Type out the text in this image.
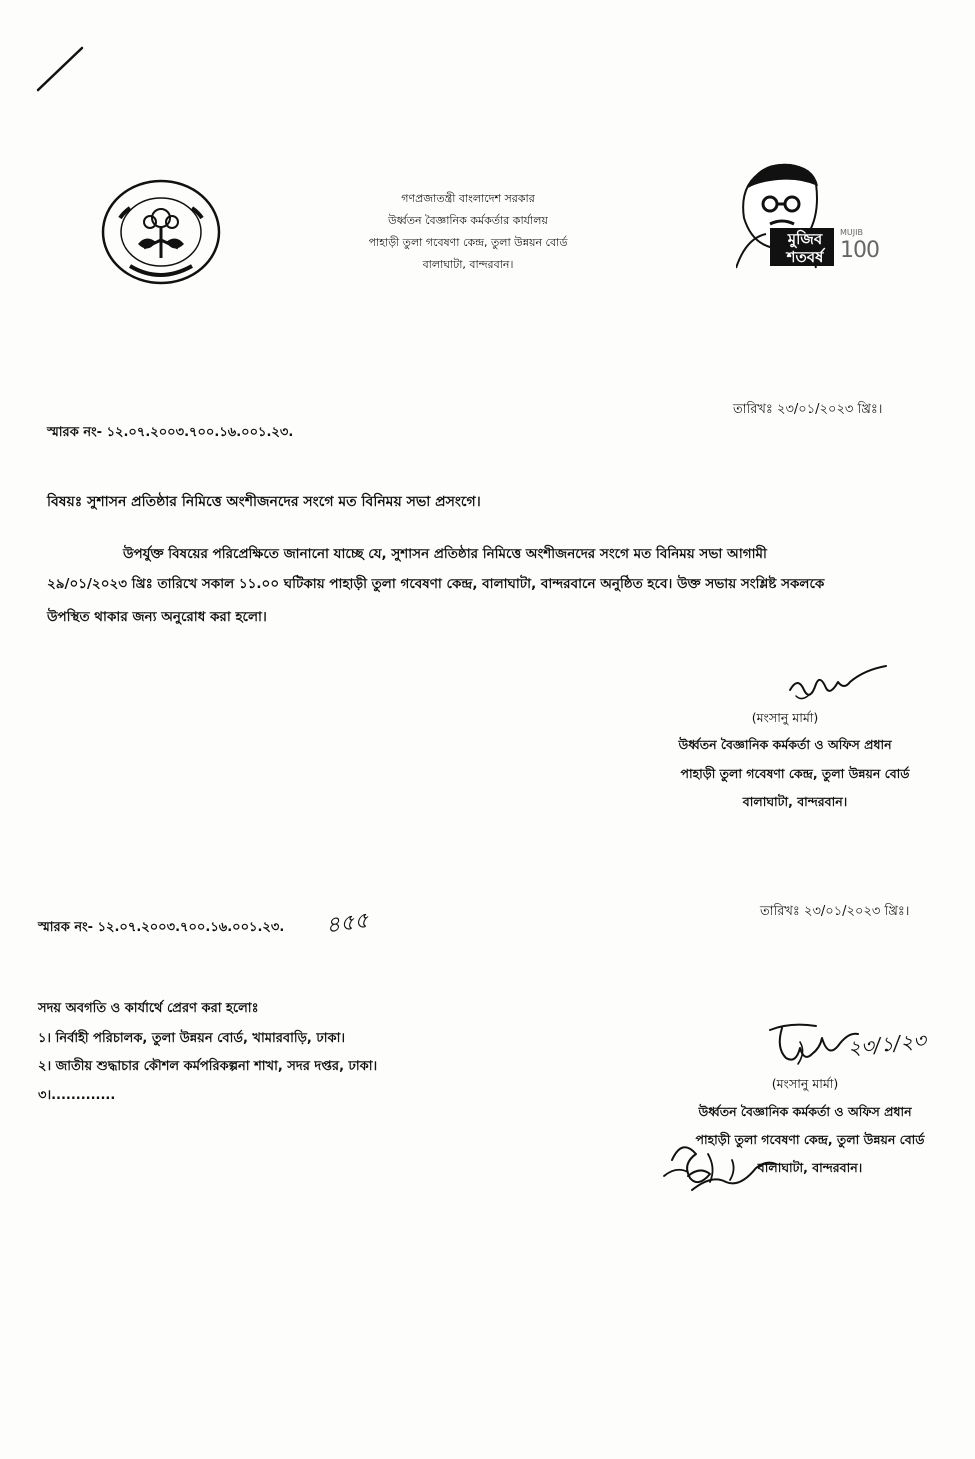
গণপ্রজাতন্ত্রী বাংলাদেশ সরকার
উর্ধ্বতন বৈজ্ঞানিক কর্মকর্তার কার্যালয়
পাহাড়ী তুলা গবেষণা কেন্দ্র, তুলা উন্নয়ন বোর্ড
বালাঘাটা, বান্দরবান।
মুজিব শতবর্ষ
MUJIB
100
তারিখঃ ২৩/০১/২০২৩ খ্রিঃ।
স্মারক নং- ১২.০৭.২০০৩.৭০০.১৬.০০১.২৩.
বিষয়ঃ সুশাসন প্রতিষ্ঠার নিমিত্তে অংশীজনদের সংগে মত বিনিময় সভা প্রসংগে।
উপর্যুক্ত বিষয়ের পরিপ্রেক্ষিতে জানানো যাচ্ছে যে, সুশাসন প্রতিষ্ঠার নিমিত্তে অংশীজনদের সংগে মত বিনিময় সভা আগামী
২৯/০১/২০২৩ খ্রিঃ তারিখে সকাল ১১.০০ ঘটিকায় পাহাড়ী তুলা গবেষণা কেন্দ্র, বালাঘাটা, বান্দরবানে অনুষ্ঠিত হবে। উক্ত সভায় সংশ্লিষ্ট সকলকে
উপস্থিত থাকার জন্য অনুরোধ করা হলো।
(মংসানু মার্মা)
উর্ধ্বতন বৈজ্ঞানিক কর্মকর্তা ও অফিস প্রধান
পাহাড়ী তুলা গবেষণা কেন্দ্র, তুলা উন্নয়ন বোর্ড
বালাঘাটা, বান্দরবান।
তারিখঃ ২৩/০১/২০২৩ খ্রিঃ।
স্মারক নং- ১২.০৭.২০০৩.৭০০.১৬.০০১.২৩. ৪৫৫
সদয় অবগতি ও কার্যার্থে প্রেরণ করা হলোঃ
১। নির্বাহী পরিচালক, তুলা উন্নয়ন বোর্ড, খামারবাড়ি, ঢাকা।
২। জাতীয় শুদ্ধাচার কৌশল কর্মপরিকল্পনা শাখা, সদর দপ্তর, ঢাকা।
৩।.............
২৩/১/২৩
(মংসানু মার্মা)
উর্ধ্বতন বৈজ্ঞানিক কর্মকর্তা ও অফিস প্রধান
পাহাড়ী তুলা গবেষণা কেন্দ্র, তুলা উন্নয়ন বোর্ড
বালাঘাটা, বান্দরবান।
